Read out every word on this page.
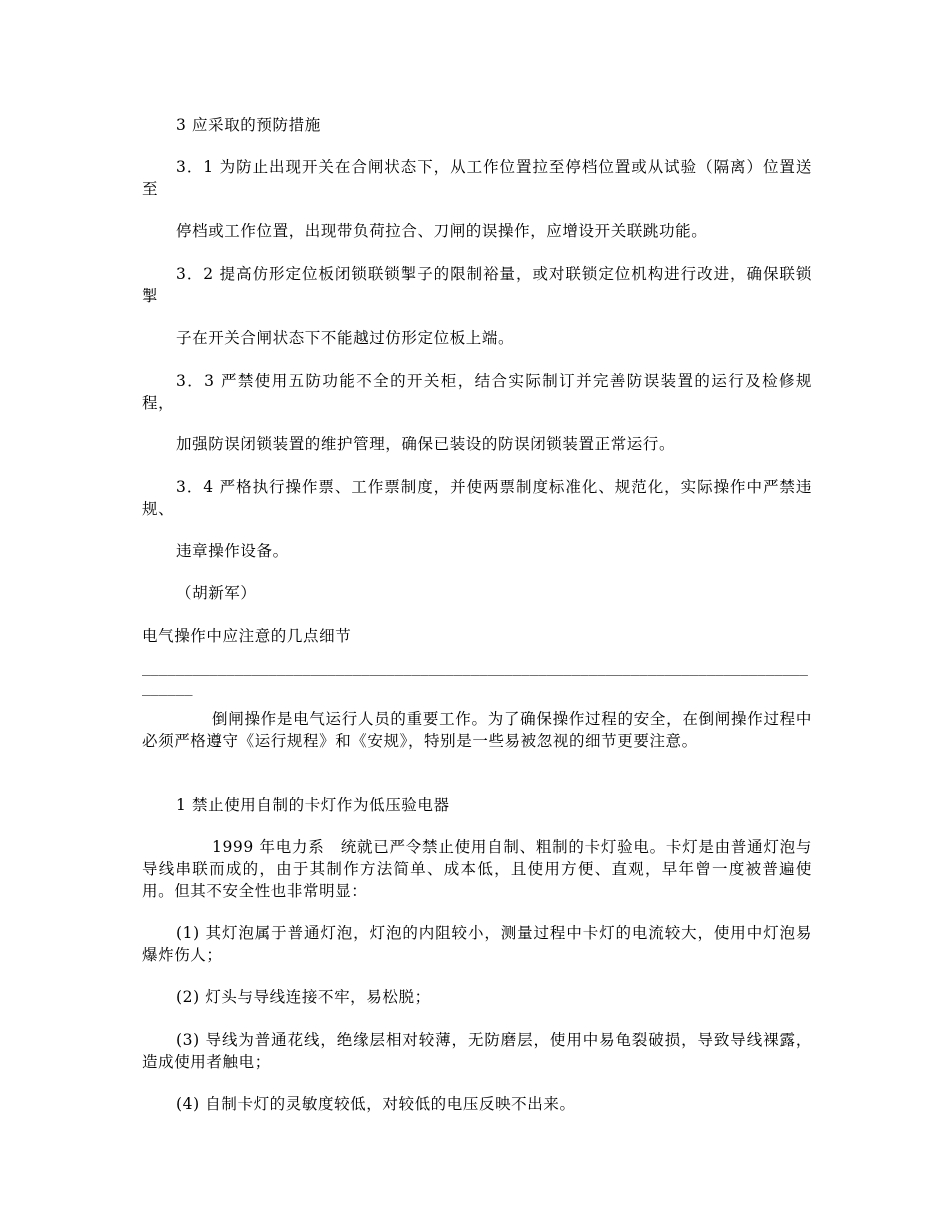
3 应采取的预防措施
3．1 为防止出现开关在合闸状态下，从工作位置拉至停档位置或从试验（隔离）位置送至
停档或工作位置，出现带负荷拉合、刀闸的误操作，应增设开关联跳功能。
3．2 提高仿形定位板闭锁联锁掣子的限制裕量，或对联锁定位机构进行改进，确保联锁掣
子在开关合闸状态下不能越过仿形定位板上端。
3．3 严禁使用五防功能不全的开关柜，结合实际制订并完善防误装置的运行及检修规程，
加强防误闭锁装置的维护管理，确保已装设的防误闭锁装置正常运行。
3．4 严格执行操作票、工作票制度，并使两票制度标准化、规范化，实际操作中严禁违规、
违章操作设备。
（胡新军）
电气操作中应注意的几点细节
_____________________________________________________________________________________
倒闸操作是电气运行人员的重要工作。为了确保操作过程的安全，在倒闸操作过程中必须严格遵守《运行规程》和《安规》，特别是一些易被忽视的细节更要注意。
1 禁止使用自制的卡灯作为低压验电器
1999 年电力系　统就已严令禁止使用自制、粗制的卡灯验电。卡灯是由普通灯泡与导线串联而成的，由于其制作方法简单、成本低，且使用方便、直观，早年曾一度被普遍使用。但其不安全性也非常明显：
(1) 其灯泡属于普通灯泡，灯泡的内阻较小，测量过程中卡灯的电流较大，使用中灯泡易爆炸伤人；
(2) 灯头与导线连接不牢，易松脱；
(3) 导线为普通花线，绝缘层相对较薄，无防磨层，使用中易龟裂破损，导致导线裸露，造成使用者触电；
(4) 自制卡灯的灵敏度较低，对较低的电压反映不出来。
